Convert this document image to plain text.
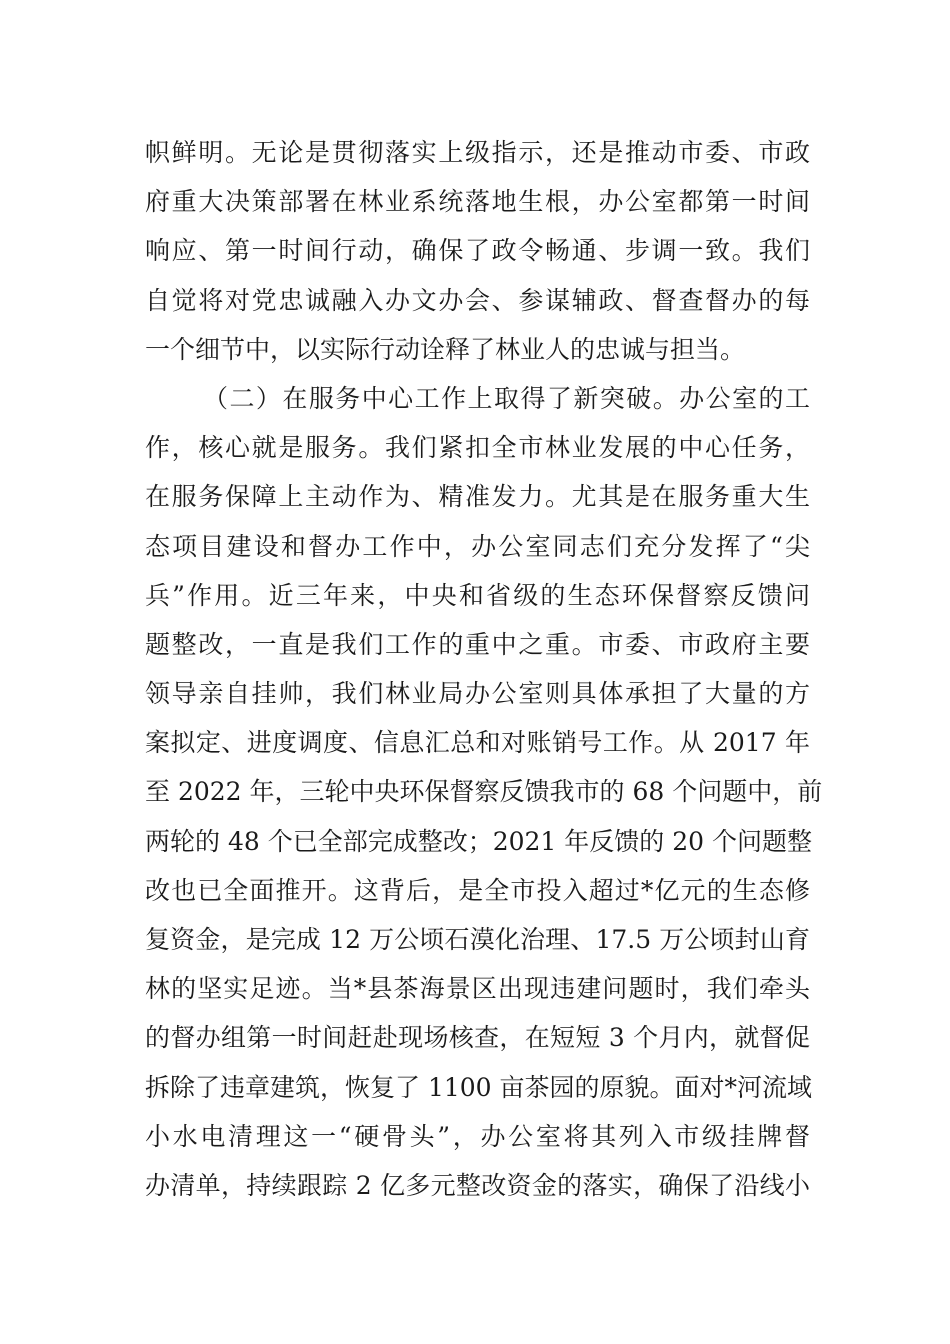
帜鲜明。无论是贯彻落实上级指示，还是推动市委、市政
府重大决策部署在林业系统落地生根，办公室都第一时间
响应、第一时间行动，确保了政令畅通、步调一致。我们
自觉将对党忠诚融入办文办会、参谋辅政、督查督办的每
一个细节中，以实际行动诠释了林业人的忠诚与担当。
（二）在服务中心工作上取得了新突破。办公室的工
作，核心就是服务。我们紧扣全市林业发展的中心任务，
在服务保障上主动作为、精准发力。尤其是在服务重大生
态项目建设和督办工作中，办公室同志们充分发挥了“尖
兵”作用。近三年来，中央和省级的生态环保督察反馈问
题整改，一直是我们工作的重中之重。市委、市政府主要
领导亲自挂帅，我们林业局办公室则具体承担了大量的方
案拟定、进度调度、信息汇总和对账销号工作。从 2017 年
至 2022 年，三轮中央环保督察反馈我市的 68 个问题中，前
两轮的 48 个已全部完成整改；2021 年反馈的 20 个问题整
改也已全面推开。这背后，是全市投入超过*亿元的生态修
复资金，是完成 12 万公顷石漠化治理、17.5 万公顷封山育
林的坚实足迹。当*县茶海景区出现违建问题时，我们牵头
的督办组第一时间赶赴现场核查，在短短 3 个月内，就督促
拆除了违章建筑，恢复了 1100 亩茶园的原貌。面对*河流域
小水电清理这一“硬骨头”，办公室将其列入市级挂牌督
办清单，持续跟踪 2 亿多元整改资金的落实，确保了沿线小
